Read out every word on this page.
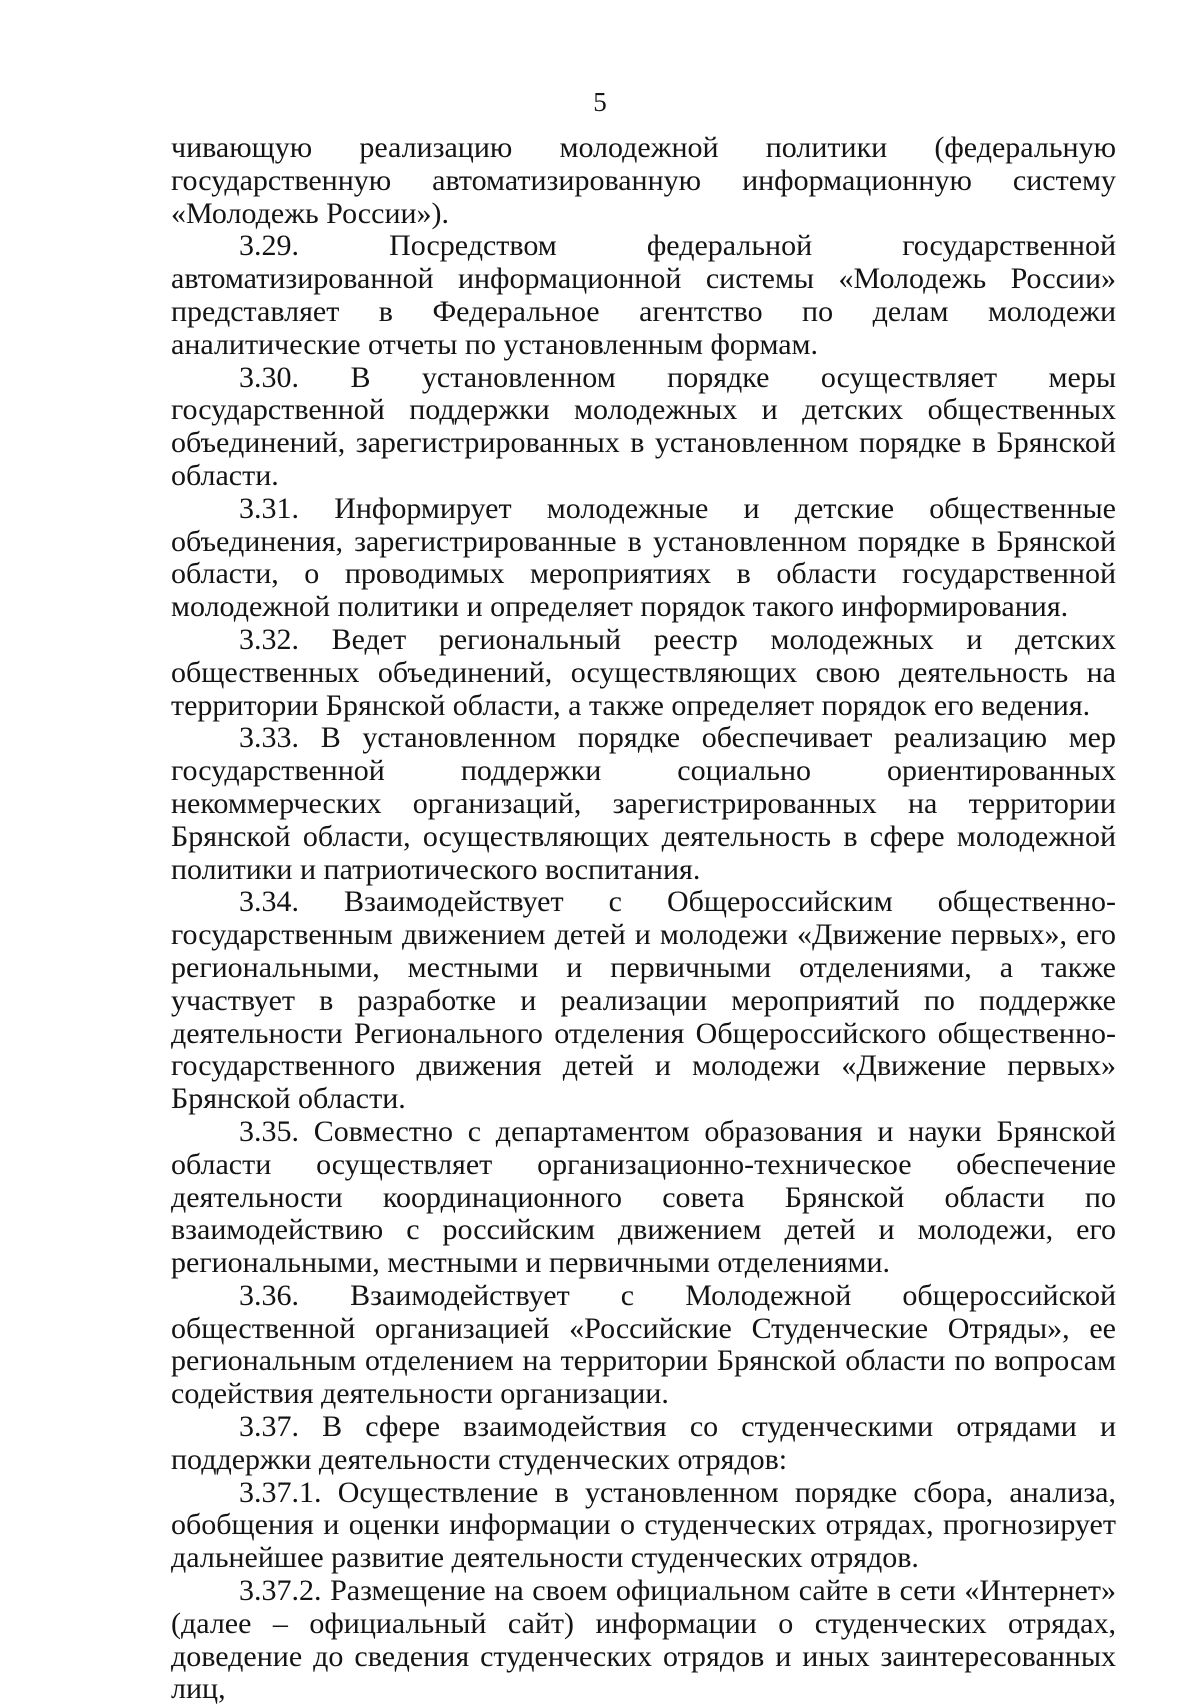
5

чивающую реализацию молодежной политики (федеральную государственную автоматизированную информационную систему «Молодежь России»).

3.29. Посредством федеральной государственной автоматизированной информационной системы «Молодежь России» представляет в Федеральное агентство по делам молодежи аналитические отчеты по установленным формам.

3.30. В установленном порядке осуществляет меры государственной поддержки молодежных и детских общественных объединений, зарегистрированных в установленном порядке в Брянской области.

3.31. Информирует молодежные и детские общественные объединения, зарегистрированные в установленном порядке в Брянской области, о проводимых мероприятиях в области государственной молодежной политики и определяет порядок такого информирования.

3.32. Ведет региональный реестр молодежных и детских общественных объединений, осуществляющих свою деятельность на территории Брянской области, а также определяет порядок его ведения.

3.33. В установленном порядке обеспечивает реализацию мер государственной поддержки социально ориентированных некоммерческих организаций, зарегистрированных на территории Брянской области, осуществляющих деятельность в сфере молодежной политики и патриотического воспитания.

3.34. Взаимодействует с Общероссийским общественно-государственным движением детей и молодежи «Движение первых», его региональными, местными и первичными отделениями, а также участвует в разработке и реализации мероприятий по поддержке деятельности Регионального отделения Общероссийского общественно-государственного движения детей и молодежи «Движение первых» Брянской области.

3.35. Совместно с департаментом образования и науки Брянской области осуществляет организационно-техническое обеспечение деятельности координационного совета Брянской области по взаимодействию с российским движением детей и молодежи, его региональными, местными и первичными отделениями.

3.36. Взаимодействует с Молодежной общероссийской общественной организацией «Российские Студенческие Отряды», ее региональным отделением на территории Брянской области по вопросам содействия деятельности организации.

3.37. В сфере взаимодействия со студенческими отрядами и поддержки деятельности студенческих отрядов:

3.37.1. Осуществление в установленном порядке сбора, анализа, обобщения и оценки информации о студенческих отрядах, прогнозирует дальнейшее развитие деятельности студенческих отрядов.

3.37.2. Размещение на своем официальном сайте в сети «Интернет» (далее – официальный сайт) информации о студенческих отрядах, доведение до сведения студенческих отрядов и иных заинтересованных лиц,
